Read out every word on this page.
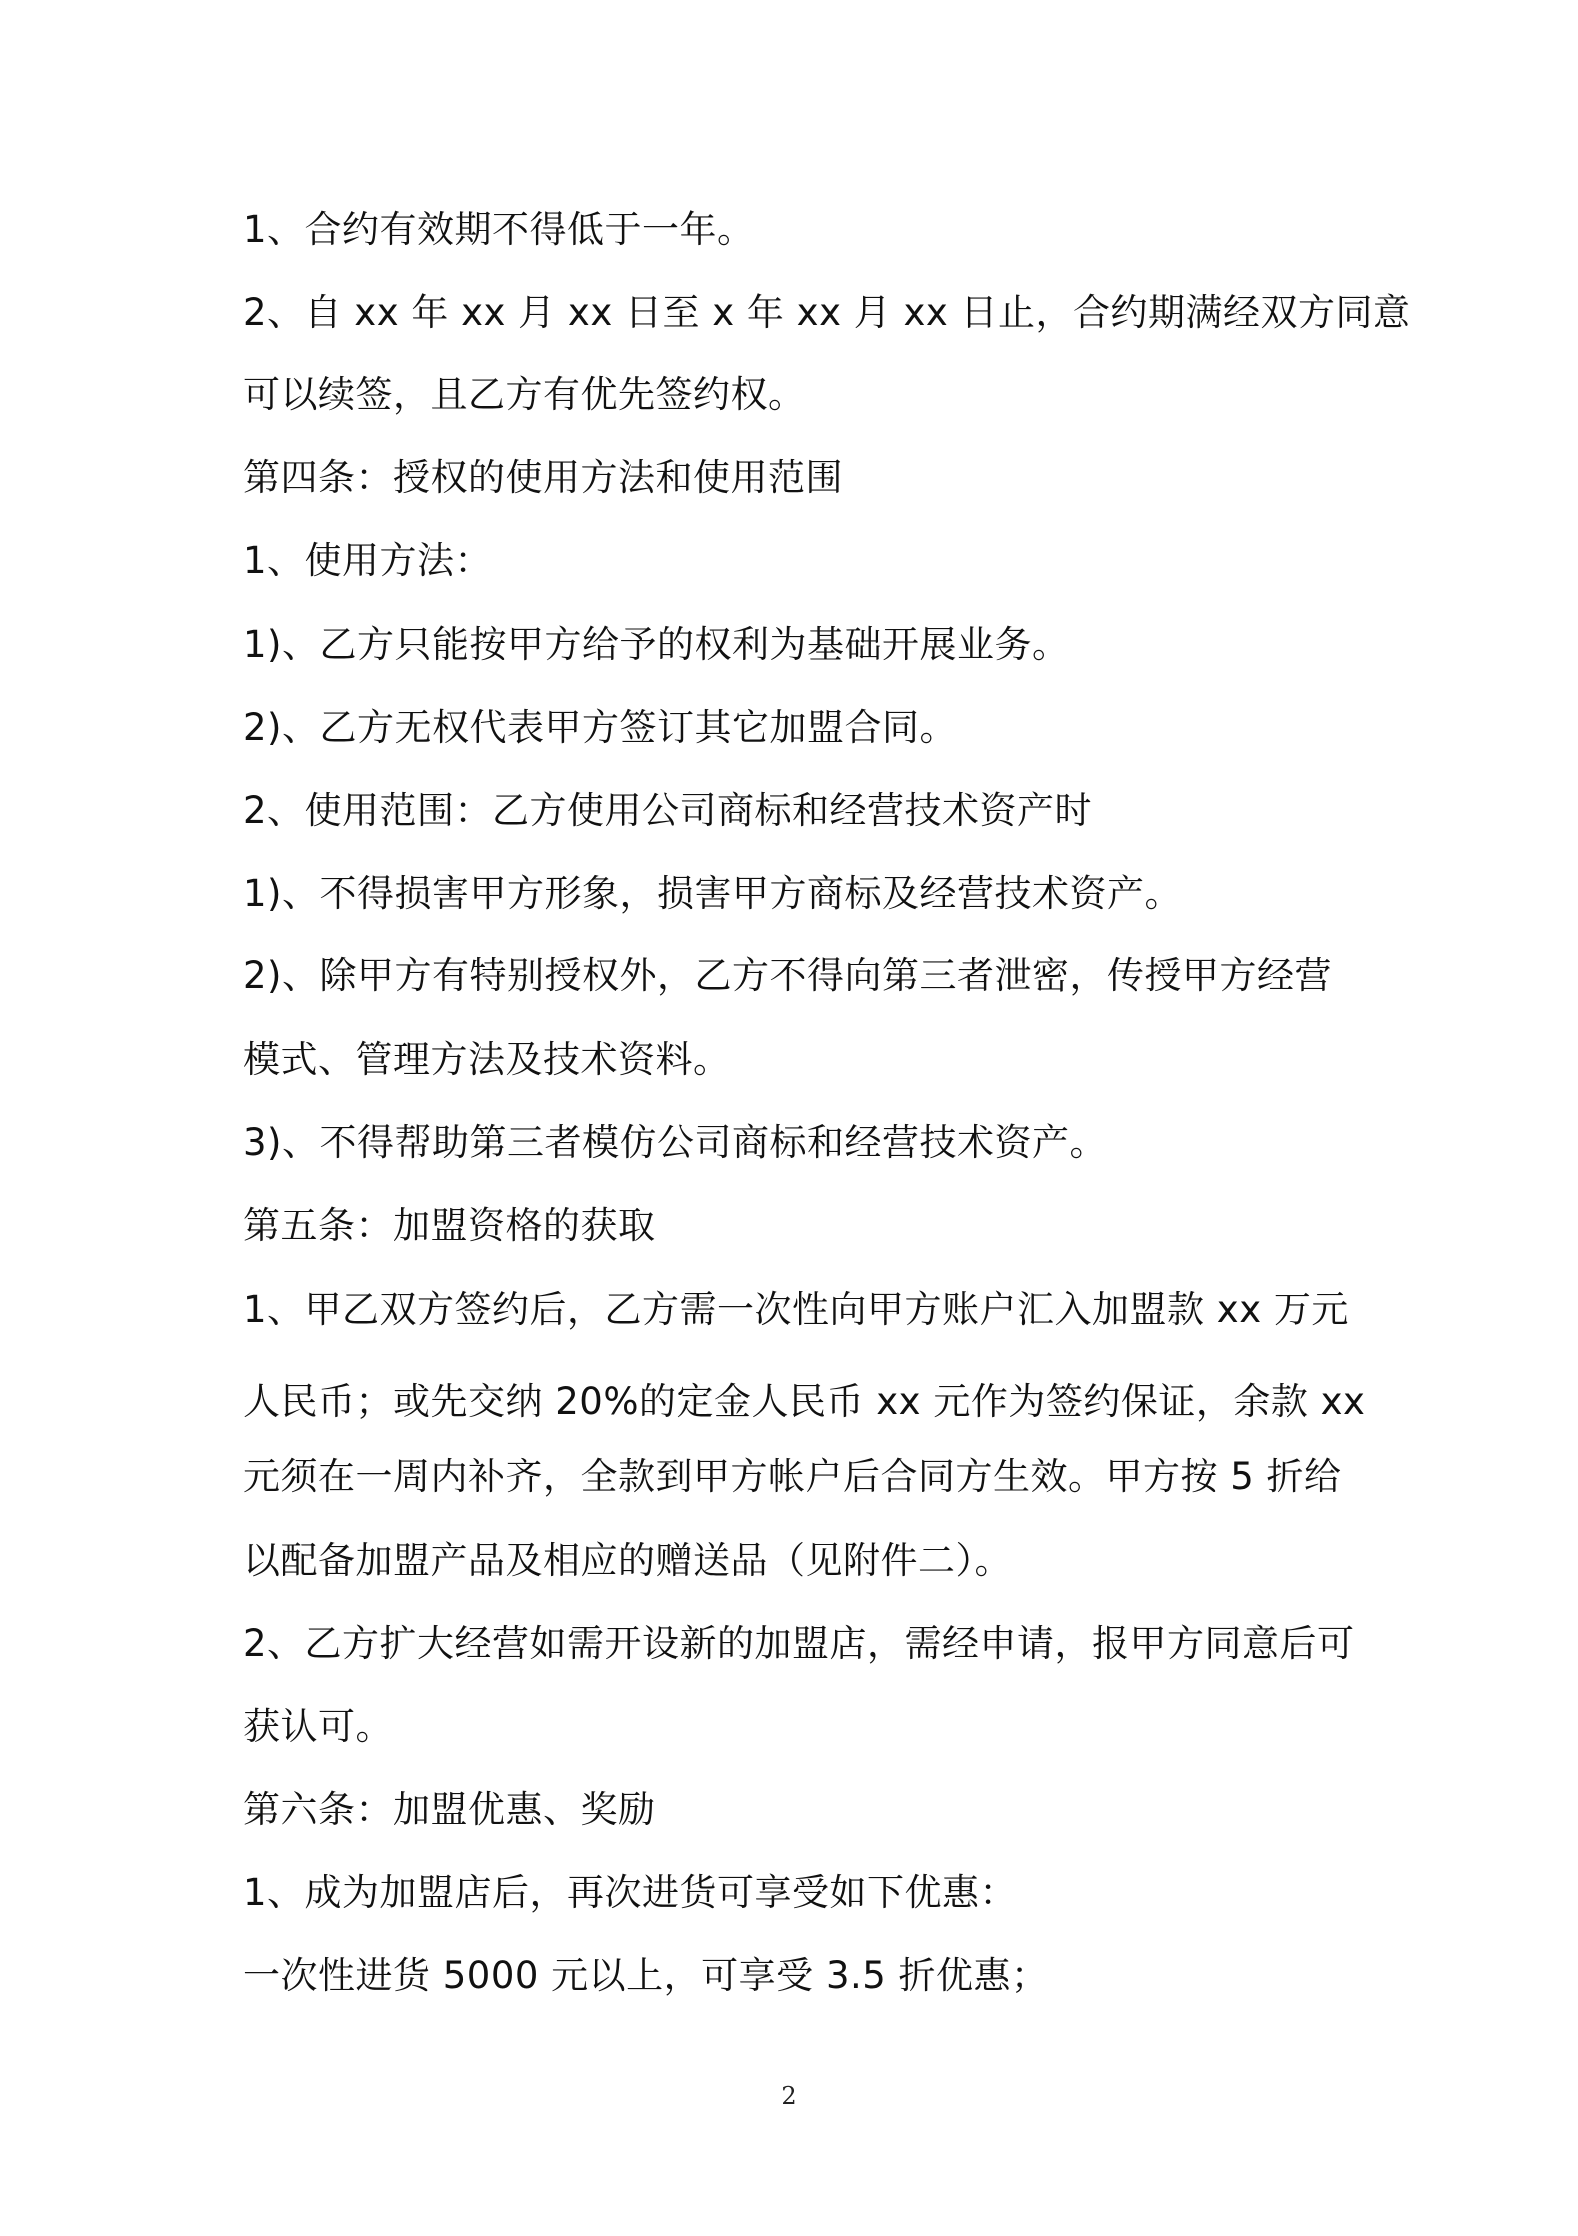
1、合约有效期不得低于一年。
2、自 xx 年 xx 月 xx 日至 x 年 xx 月 xx 日止，合约期满经双方同意
可以续签，且乙方有优先签约权。
第四条：授权的使用方法和使用范围
1、使用方法：
1)、乙方只能按甲方给予的权利为基础开展业务。
2)、乙方无权代表甲方签订其它加盟合同。
2、使用范围：乙方使用公司商标和经营技术资产时
1)、不得损害甲方形象，损害甲方商标及经营技术资产。
2)、除甲方有特别授权外，乙方不得向第三者泄密，传授甲方经营
模式、管理方法及技术资料。
3)、不得帮助第三者模仿公司商标和经营技术资产。
第五条：加盟资格的获取
1、甲乙双方签约后，乙方需一次性向甲方账户汇入加盟款 xx 万元
人民币；或先交纳 20%的定金人民币 xx 元作为签约保证，余款 xx
元须在一周内补齐，全款到甲方帐户后合同方生效。甲方按 5 折给
以配备加盟产品及相应的赠送品（见附件二）。
2、乙方扩大经营如需开设新的加盟店，需经申请，报甲方同意后可
获认可。
第六条：加盟优惠、奖励
1、成为加盟店后，再次进货可享受如下优惠：
一次性进货 5000 元以上，可享受 3.5 折优惠；
2
